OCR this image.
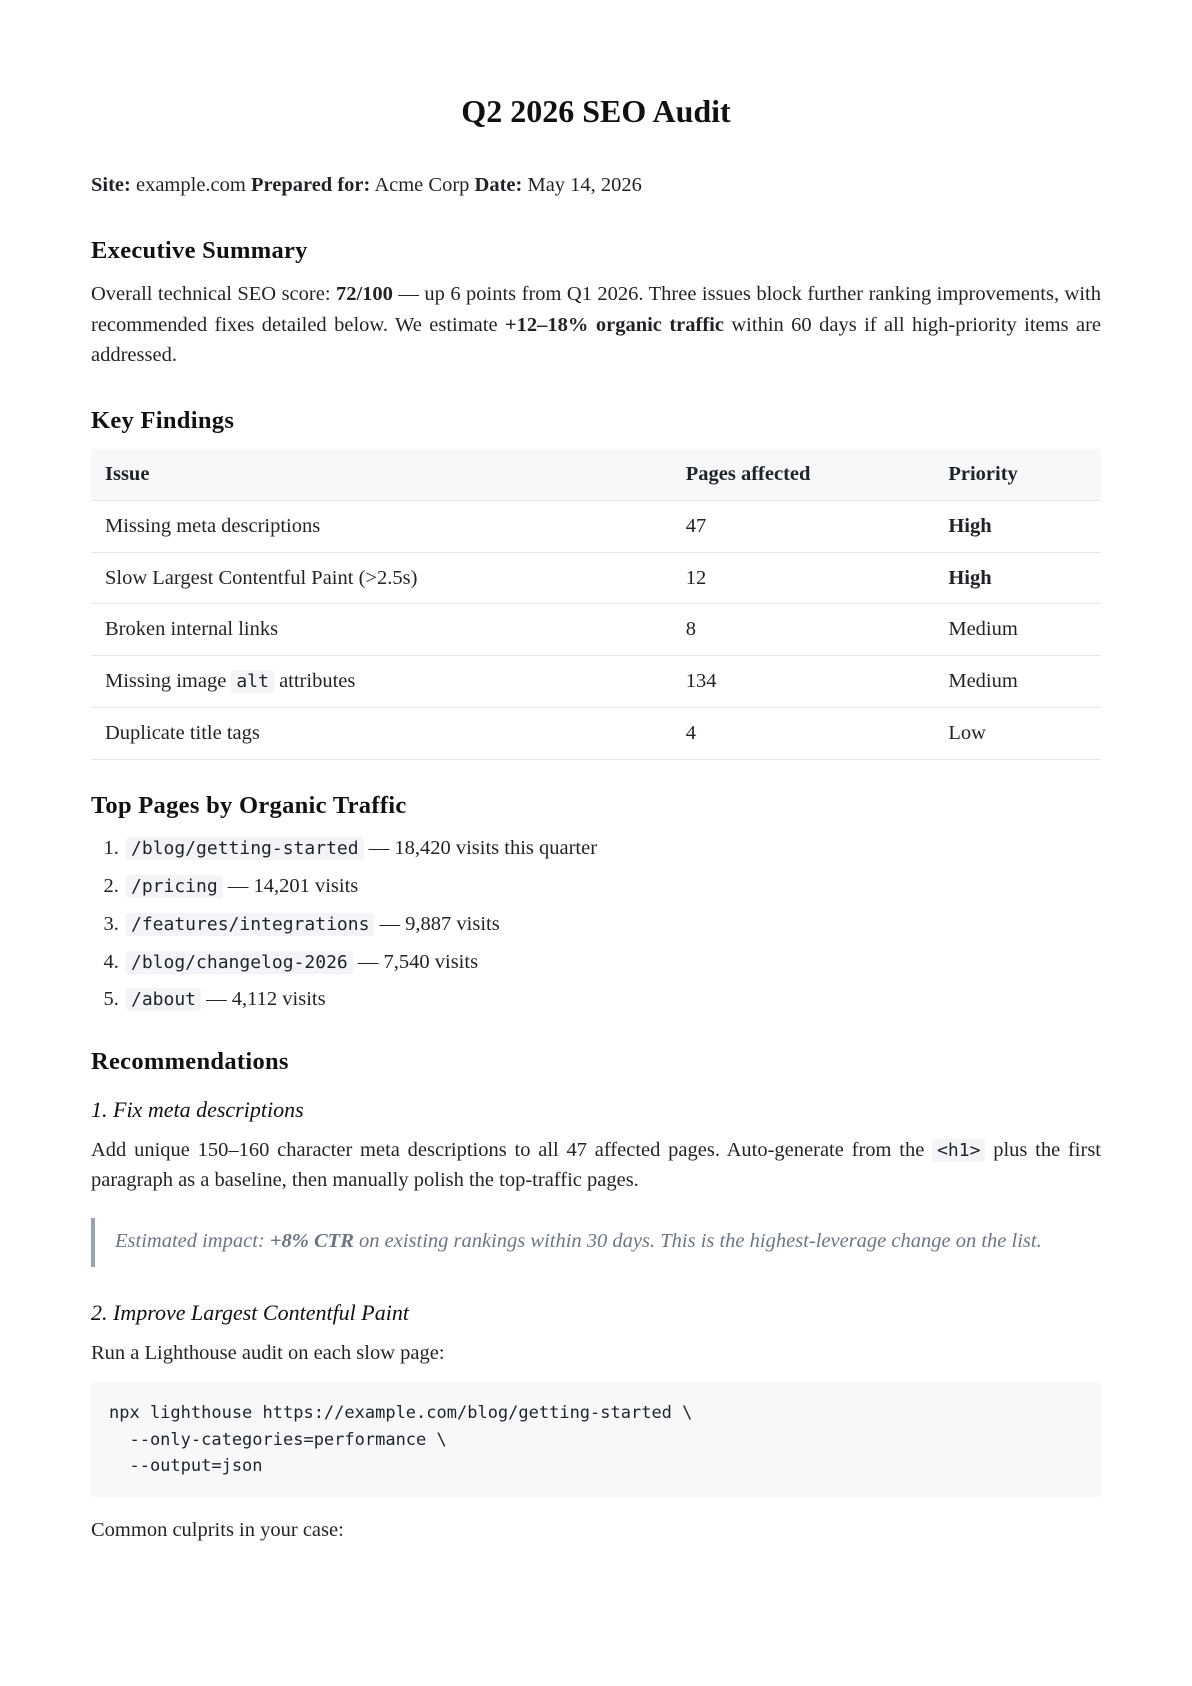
Q2 2026 SEO Audit

Site: example.com Prepared for: Acme Corp Date: May 14, 2026

Executive Summary

Overall technical SEO score: 72/100 — up 6 points from Q1 2026. Three issues block further ranking improvements, with recommended fixes detailed below. We estimate +12–18% organic traffic within 60 days if all high-priority items are addressed.

Key Findings
Issue	Pages affected	Priority
Missing meta descriptions	47	High
Slow Largest Contentful Paint (>2.5s)	12	High
Broken internal links	8	Medium
Missing image alt attributes	134	Medium
Duplicate title tags	4	Low
Top Pages by Organic Traffic
1. /blog/getting-started — 18,420 visits this quarter
2. /pricing — 14,201 visits
3. /features/integrations — 9,887 visits
4. /blog/changelog-2026 — 7,540 visits
5. /about — 4,112 visits
Recommendations
1. Fix meta descriptions

Add unique 150–160 character meta descriptions to all 47 affected pages. Auto-generate from the <h1> plus the first paragraph as a baseline, then manually polish the top-traffic pages.

Estimated impact: +8% CTR on existing rankings within 30 days. This is the highest-leverage change on the list.
2. Improve Largest Contentful Paint

Run a Lighthouse audit on each slow page:

npx lighthouse https://example.com/blog/getting-started \
--only-categories=performance \
--output=json

Common culprits in your case:
